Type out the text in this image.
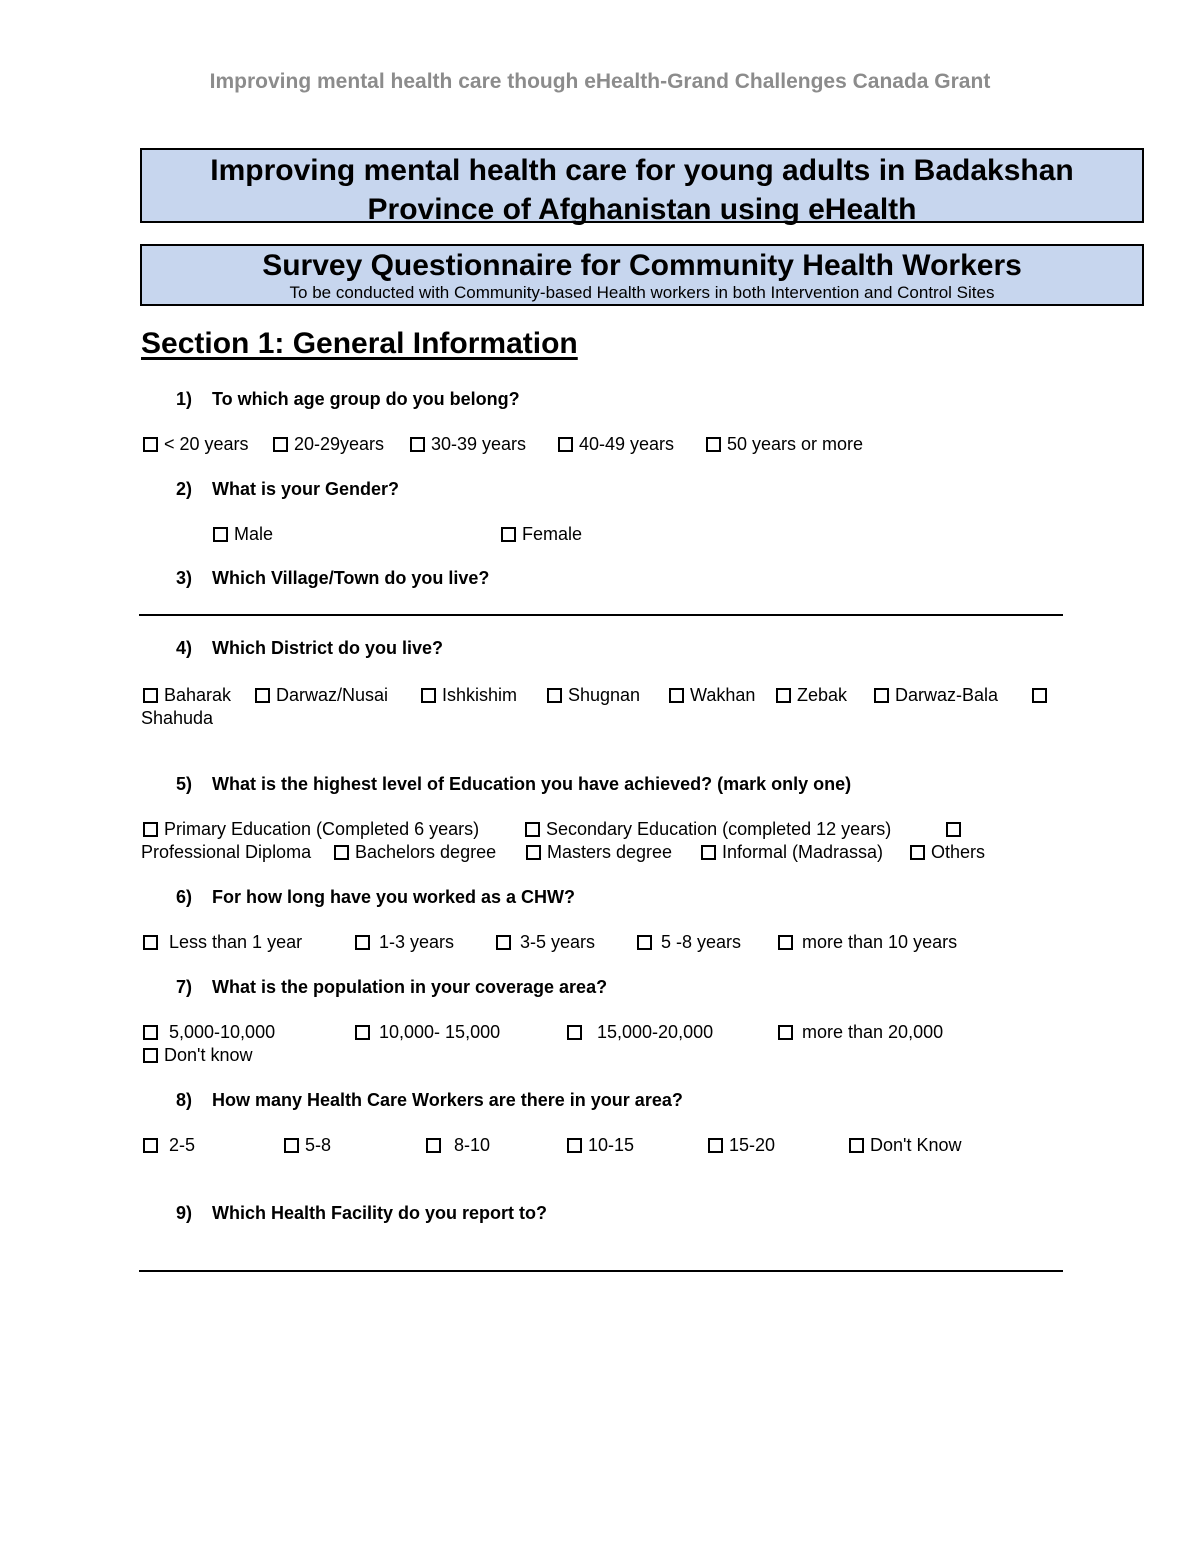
Improving mental health care though eHealth-Grand Challenges Canada Grant
Improving mental health care for young adults in Badakshan
Province of Afghanistan using eHealth
Survey Questionnaire for Community Health Workers
To be conducted with Community-based Health workers in both Intervention and Control Sites
Section 1: General Information
1) To which age group do you belong?
< 20 years	20-29years	30-39 years	40-49 years	50 years or more
2) What is your Gender?
Male	Female
3) Which Village/Town do you live?
4) Which District do you live?
Baharak	Darwaz/Nusai	Ishkishim	Shugnan	Wakhan	Zebak	Darwaz-Bala
Shahuda
5) What is the highest level of Education you have achieved? (mark only one)
Primary Education (Completed 6 years)	Secondary Education (completed 12 years)
Professional Diploma	Bachelors degree	Masters degree	Informal (Madrassa)	Others
6) For how long have you worked as a CHW?
Less than 1 year	1-3 years	3-5 years	5 -8 years	more than 10 years
7) What is the population in your coverage area?
5,000-10,000	10,000- 15,000	15,000-20,000	more than 20,000
Don't know
8) How many Health Care Workers are there in your area?
2-5	5-8	8-10	10-15	15-20	Don't Know
9) Which Health Facility do you report to?
